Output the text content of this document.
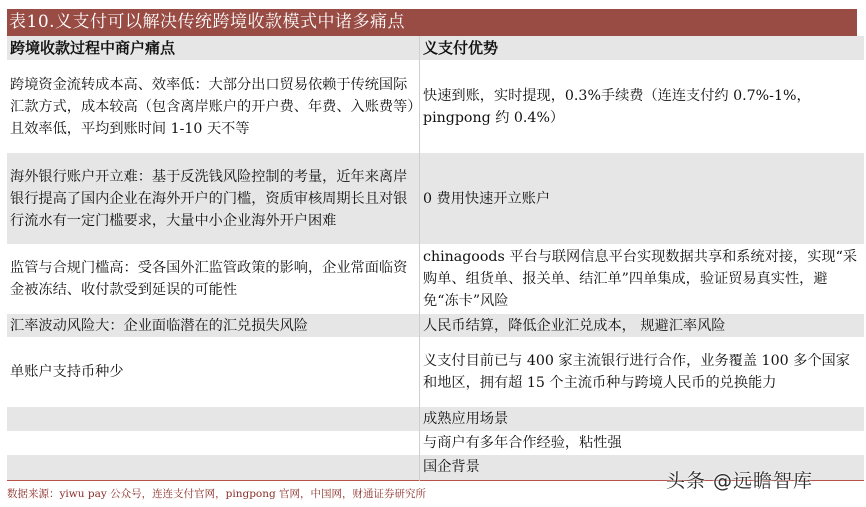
表10.义支付可以解决传统跨境收款模式中诸多痛点
跨境收款过程中商户痛点	义支付优势
跨境资金流转成本高、效率低：大部分出口贸易依赖于传统国际汇款方式，成本较高（包含离岸账户的开户费、年费、入账费等）且效率低，平均到账时间 1-10 天不等	快速到账，实时提现，0.3%手续费（连连支付约 0.7%-1%，pingpong 约 0.4%）
海外银行账户开立难：基于反洗钱风险控制的考量，近年来离岸银行提高了国内企业在海外开户的门槛，资质审核周期长且对银行流水有一定门槛要求，大量中小企业海外开户困难	0 费用快速开立账户
监管与合规门槛高：受各国外汇监管政策的影响，企业常面临资金被冻结、收付款受到延误的可能性	chinagoods 平台与联网信息平台实现数据共享和系统对接，实现“采购单、组货单、报关单、结汇单”四单集成，验证贸易真实性，避免“冻卡”风险
汇率波动风险大：企业面临潜在的汇兑损失风险	人民币结算，降低企业汇兑成本， 规避汇率风险
单账户支持币种少	义支付目前已与 400 家主流银行进行合作，业务覆盖 100 多个国家和地区，拥有超 15 个主流币种与跨境人民币的兑换能力
	成熟应用场景
	与商户有多年合作经验，粘性强
	国企背景
数据来源：yiwu pay 公众号，连连支付官网，pingpong 官网，中国网，财通证券研究所
头条 @远瞻智库
